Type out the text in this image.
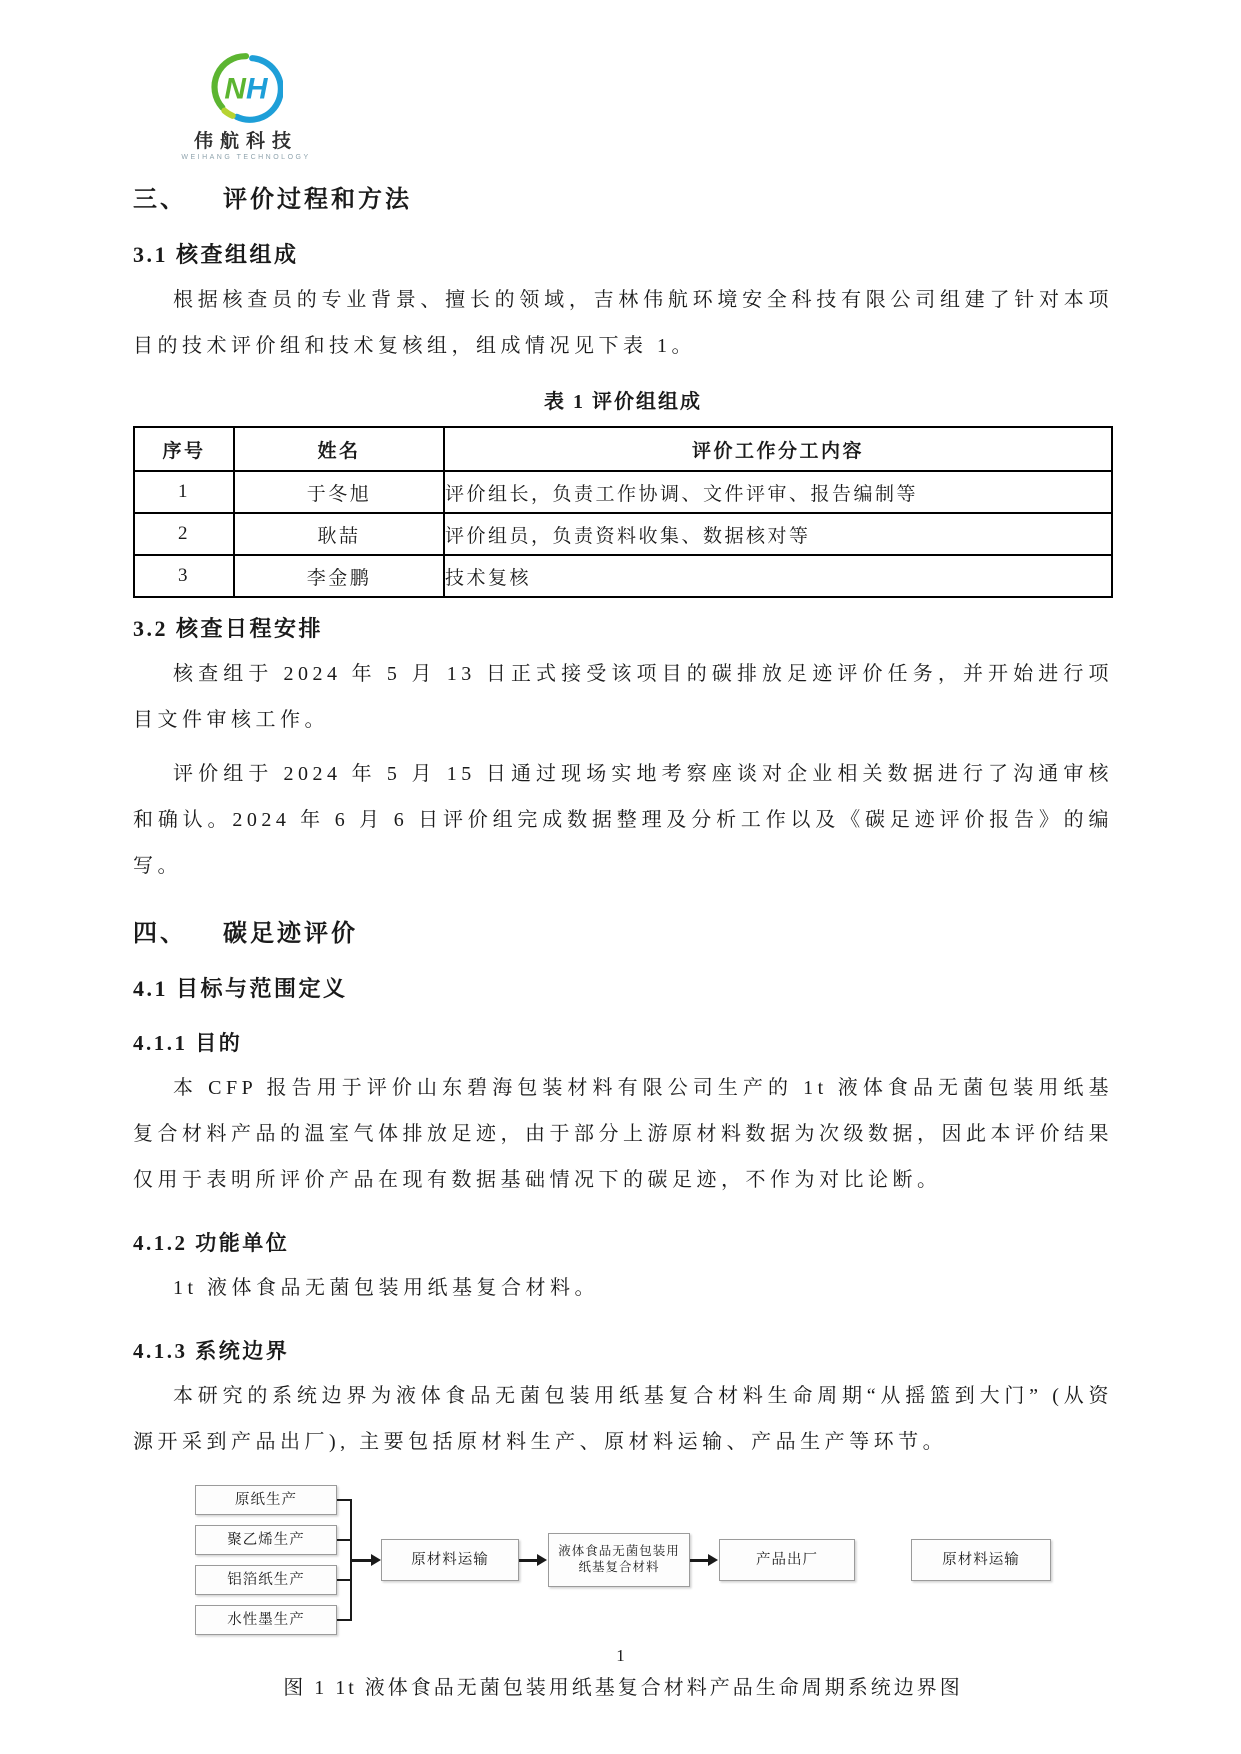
N H
伟航科技
WEIHANG TECHNOLOGY
三、 评价过程和方法
3.1 核查组组成
根据核查员的专业背景、擅长的领域，吉林伟航环境安全科技有限公司组建了针对本项目的技术评价组和技术复核组，组成情况见下表 1。
表 1 评价组组成
序号	姓名	评价工作分工内容
1	于冬旭	评价组长，负责工作协调、文件评审、报告编制等
2	耿喆	评价组员，负责资料收集、数据核对等
3	李金鹏	技术复核
3.2 核查日程安排
核查组于 2024 年 5 月 13 日正式接受该项目的碳排放足迹评价任务，并开始进行项目文件审核工作。
评价组于 2024 年 5 月 15 日通过现场实地考察座谈对企业相关数据进行了沟通审核和确认。2024 年 6 月 6 日评价组完成数据整理及分析工作以及《碳足迹评价报告》的编写。
四、 碳足迹评价
4.1 目标与范围定义
4.1.1 目的
本 CFP 报告用于评价山东碧海包装材料有限公司生产的 1t 液体食品无菌包装用纸基复合材料产品的温室气体排放足迹，由于部分上游原材料数据为次级数据，因此本评价结果仅用于表明所评价产品在现有数据基础情况下的碳足迹，不作为对比论断。
4.1.2 功能单位
1t 液体食品无菌包装用纸基复合材料。
4.1.3 系统边界
本研究的系统边界为液体食品无菌包装用纸基复合材料生命周期“从摇篮到大门” (从资源开采到产品出厂), 主要包括原材料生产、原材料运输、产品生产等环节。
原纸生产
聚乙烯生产
铝箔纸生产
水性墨生产
原材料运输
液体食品无菌包装用纸基复合材料	产品出厂	原材料运输
图 1 1t 液体食品无菌包装用纸基复合材料产品生命周期系统边界图
1
